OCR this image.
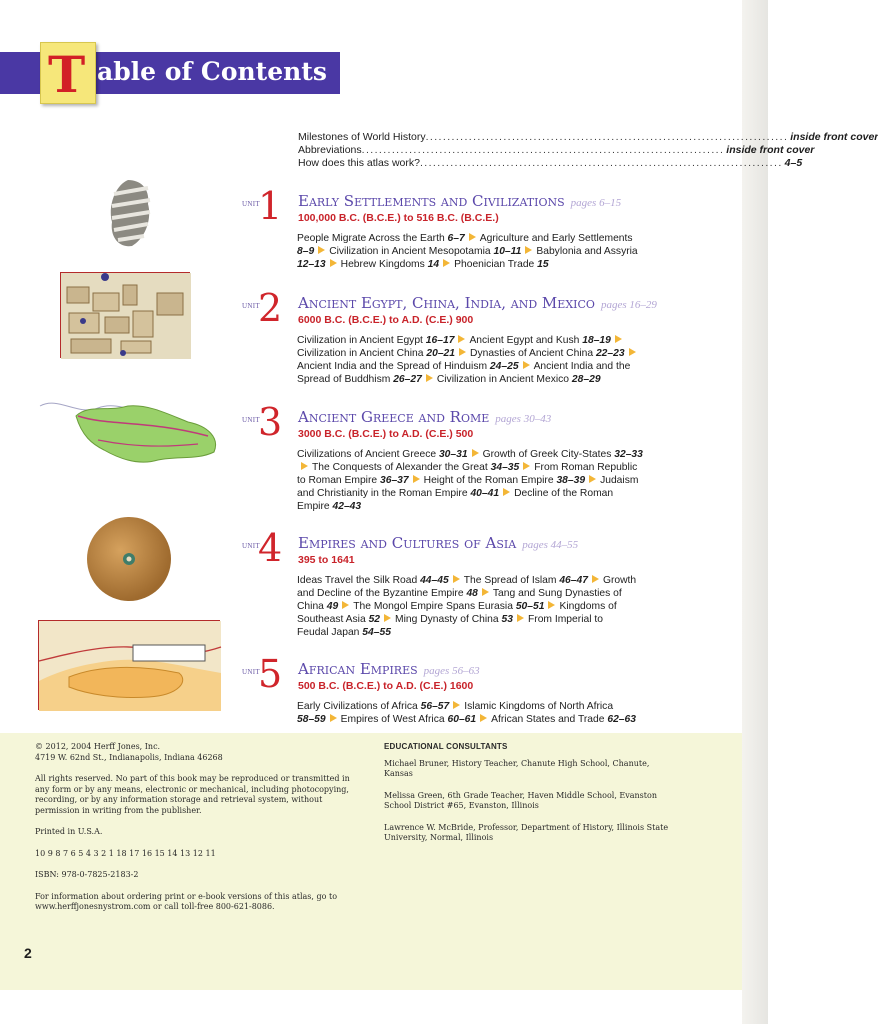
able of Contents
T
Milestones of World History .................................................................................... inside front cover
Abbreviations .................................................................................... inside front cover
How does this atlas work? .................................................................................... 4–5
UNIT
1 Early Settlements and Civilizations pages 6–15
100,000 B.C. (B.C.E.) to 516 B.C. (B.C.E.)
People Migrate Across the Earth 6–7 Agriculture and Early Settlements
8–9 Civilization in Ancient Mesopotamia 10–11 Babylonia and Assyria
12–13 Hebrew Kingdoms 14 Phoenician Trade 15
UNIT
2 Ancient Egypt, China, India, and Mexico pages 16–29
6000 B.C. (B.C.E.) to A.D. (C.E.) 900
Civilization in Ancient Egypt 16–17 Ancient Egypt and Kush 18–19
Civilization in Ancient China 20–21 Dynasties of Ancient China 22–23
Ancient India and the Spread of Hinduism 24–25 Ancient India and the
Spread of Buddhism 26–27 Civilization in Ancient Mexico 28–29
UNIT
3 Ancient Greece and Rome pages 30–43
3000 B.C. (B.C.E.) to A.D. (C.E.) 500
Civilizations of Ancient Greece 30–31 Growth of Greek City-States 32–33
The Conquests of Alexander the Great 34–35 From Roman Republic
to Roman Empire 36–37 Height of the Roman Empire 38–39 Judaism
and Christianity in the Roman Empire 40–41 Decline of the Roman
Empire 42–43
UNIT
4 Empires and Cultures of Asia pages 44–55
395 to 1641
Ideas Travel the Silk Road 44–45 The Spread of Islam 46–47 Growth
and Decline of the Byzantine Empire 48 Tang and Sung Dynasties of
China 49 The Mongol Empire Spans Eurasia 50–51 Kingdoms of
Southeast Asia 52 Ming Dynasty of China 53 From Imperial to
Feudal Japan 54–55
UNIT
5 African Empires pages 56–63
500 B.C. (B.C.E.) to A.D. (C.E.) 1600
Early Civilizations of Africa 56–57 Islamic Kingdoms of North Africa
58–59 Empires of West Africa 60–61 African States and Trade 62–63

© 2012, 2004 Herff Jones, Inc.
4719 W. 62nd St., Indianapolis, Indiana 46268

All rights reserved. No part of this book may be reproduced or transmitted in any form or by any means, electronic or mechanical, including photocopying, recording, or by any information storage and retrieval system, without permission in writing from the publisher.

Printed in U.S.A.

10 9 8 7 6 5 4 3 2 1 18 17 16 15 14 13 12 11

ISBN: 978-0-7825-2183-2

For information about ordering print or e-book versions of this atlas, go to www.herffjonesnystrom.com or call toll-free 800-621-8086.

EDUCATIONAL CONSULTANTS

Michael Bruner, History Teacher, Chanute High School, Chanute, Kansas

Melissa Green, 6th Grade Teacher, Haven Middle School, Evanston School District #65, Evanston, Illinois

Lawrence W. McBride, Professor, Department of History, Illinois State University, Normal, Illinois

2
